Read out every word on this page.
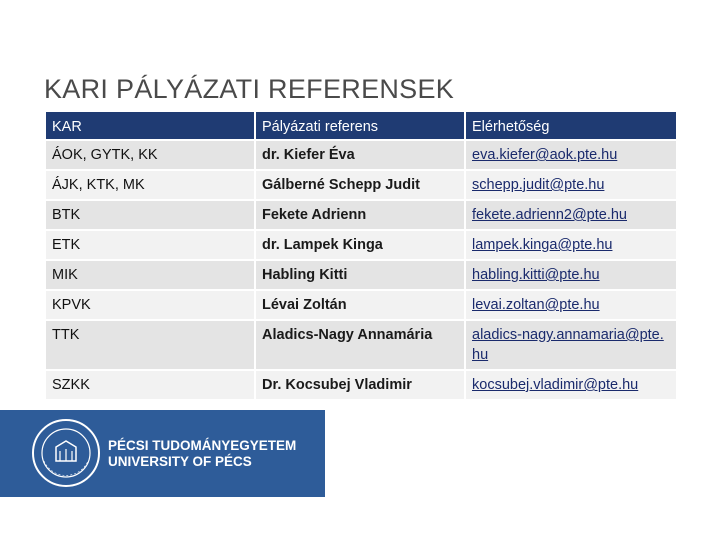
KARI PÁLYÁZATI REFERENSEK
KAR	Pályázati referens	Elérhetőség
ÁOK, GYTK, KK	dr. Kiefer Éva	eva.kiefer@aok.pte.hu
ÁJK, KTK, MK	Gálberné Schepp Judit	schepp.judit@pte.hu
BTK	Fekete Adrienn	fekete.adrienn2@pte.hu
ETK	dr. Lampek Kinga	lampek.kinga@pte.hu
MIK	Habling Kitti	habling.kitti@pte.hu
KPVK	Lévai Zoltán	levai.zoltan@pte.hu
TTK	Aladics-Nagy Annamária	aladics-nagy.annamaria@pte.hu
SZKK	Dr. Kocsubej Vladimir	kocsubej.vladimir@pte.hu
PÉCSI TUDOMÁNYEGYETEM
UNIVERSITY OF PÉCS
